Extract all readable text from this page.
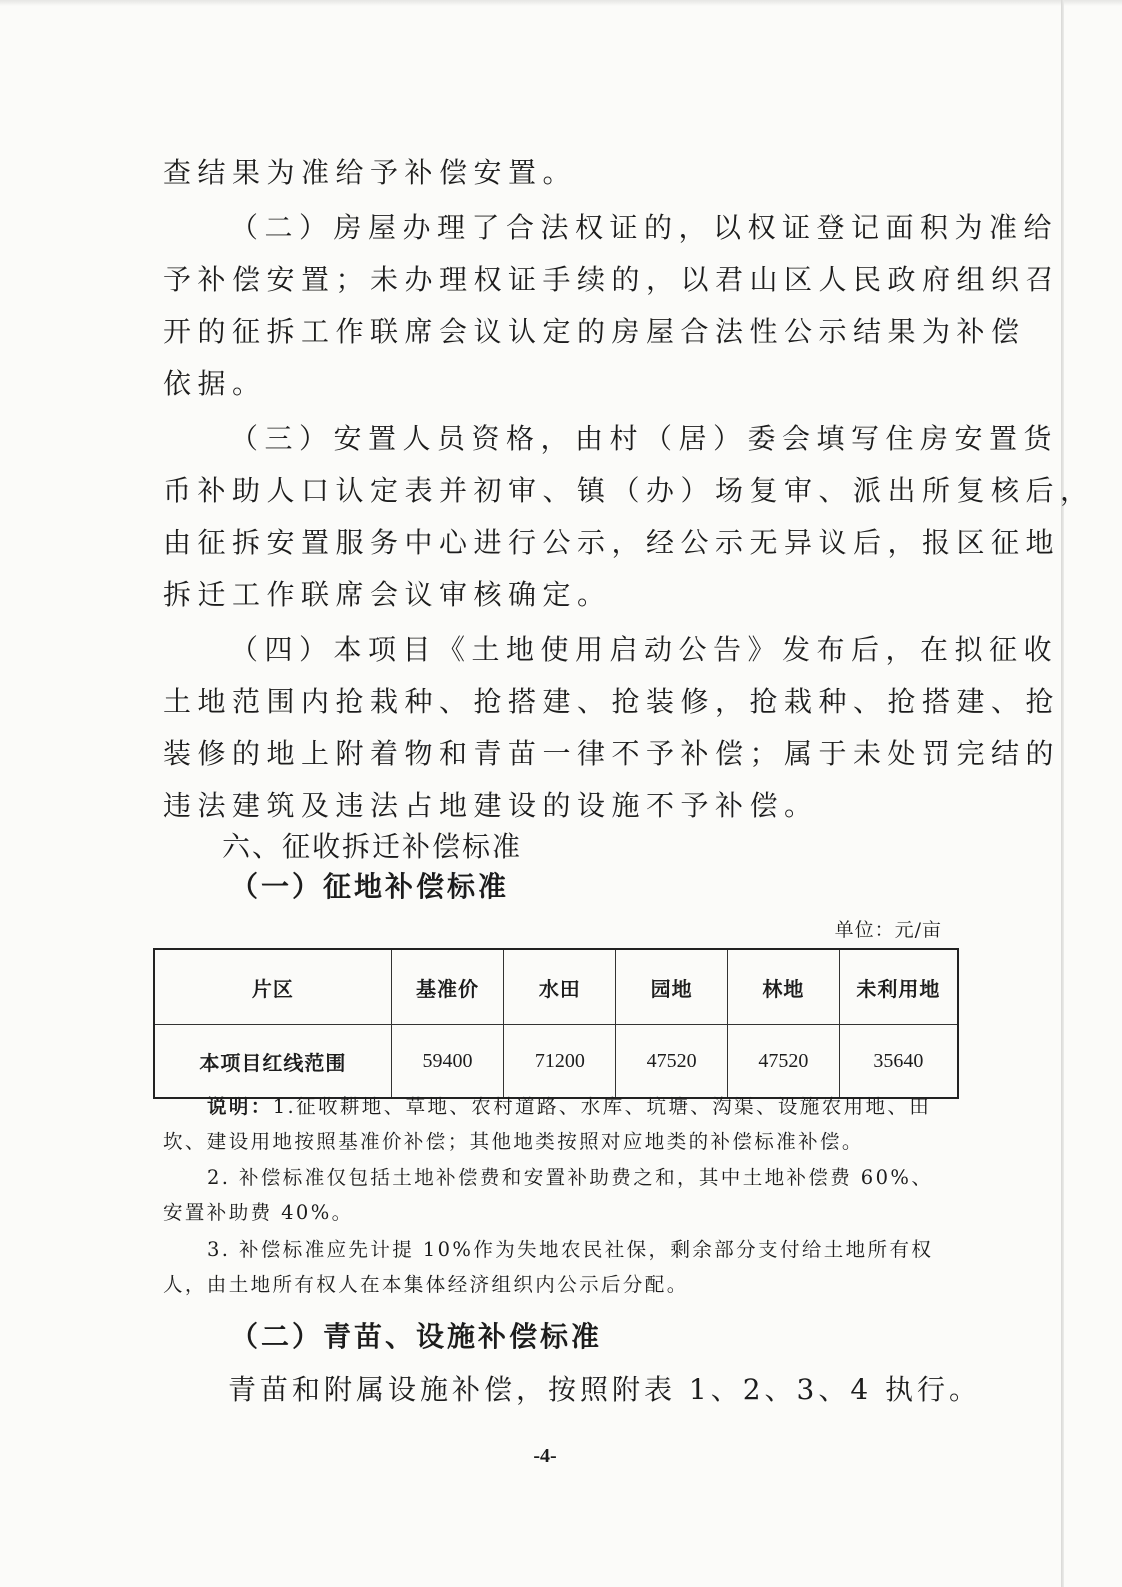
查结果为准给予补偿安置。
（二）房屋办理了合法权证的，以权证登记面积为准给
予补偿安置；未办理权证手续的，以君山区人民政府组织召
开的征拆工作联席会议认定的房屋合法性公示结果为补偿
依据。
（三）安置人员资格，由村（居）委会填写住房安置货
币补助人口认定表并初审、镇（办）场复审、派出所复核后，
由征拆安置服务中心进行公示，经公示无异议后，报区征地
拆迁工作联席会议审核确定。
（四）本项目《土地使用启动公告》发布后，在拟征收
土地范围内抢栽种、抢搭建、抢装修，抢栽种、抢搭建、抢
装修的地上附着物和青苗一律不予补偿；属于未处罚完结的
违法建筑及违法占地建设的设施不予补偿。
六、征收拆迁补偿标准
（一）征地补偿标准
单位：元/亩
片区	基准价	水田	园地	林地	未利用地
本项目红线范围	59400	71200	47520	47520	35640
说明：1.征收耕地、草地、农村道路、水库、坑塘、沟渠、设施农用地、田
坎、建设用地按照基准价补偿；其他地类按照对应地类的补偿标准补偿。
2. 补偿标准仅包括土地补偿费和安置补助费之和，其中土地补偿费 60%、
安置补助费 40%。
3. 补偿标准应先计提 10%作为失地农民社保，剩余部分支付给土地所有权
人，由土地所有权人在本集体经济组织内公示后分配。
（二）青苗、设施补偿标准
青苗和附属设施补偿，按照附表 1、2、3、4 执行。
-4-
